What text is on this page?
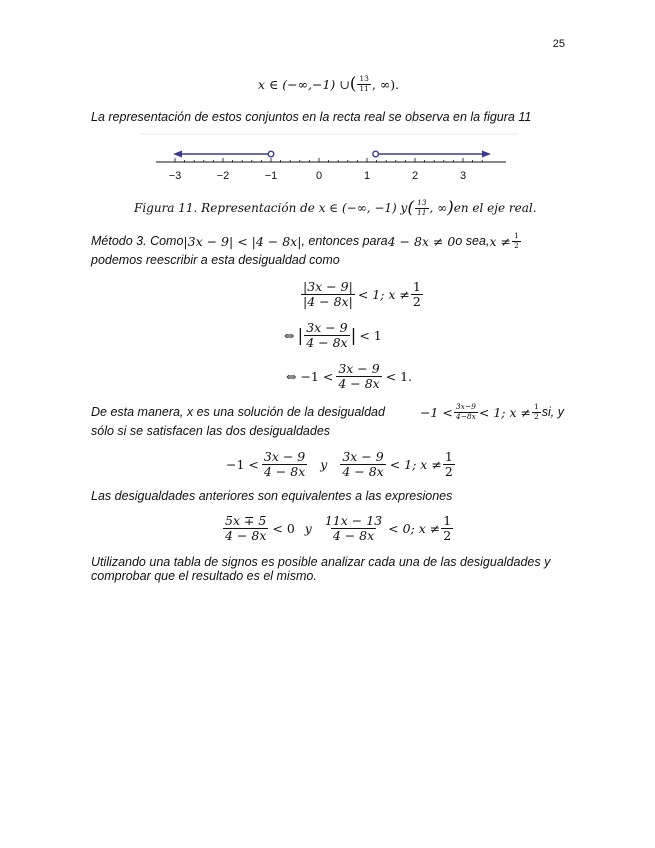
25
x ∈ (−∞,−1) ∪ ( $\frac{13}{11}$ , ∞).
La representación de estos conjuntos en la recta real se observa en la figura 11
−3	−2	−1	0	1	2	3
Figura 11. Representación de x ∈ (−∞, −1) y ( $\frac{13}{11}$ , ∞ ) en el eje real.
Método 3. Como |3x − 9| < |4 − 8x| , entonces para 4 − 8x ≠ 0 o sea, $x \ne \frac{1}{2}$
podemos reescribir a esta desigualdad como
$\frac{|3x - 9|}{|4 - 8x|} < 1$; $x \ne \frac{1}{2}$
⇔ | $\frac{3x - 9}{4 - 8x}$ | < 1
⇔ $-1 < \frac{3x - 9}{4 - 8x} < 1$.
De esta manera, x es una solución de la desigualdad	$-1 < \frac{3x-9}{4-8x} < 1$; $x \ne \frac{1}{2}$ si, y
sólo si se satisfacen las dos desigualdades
$-1 < \frac{3x - 9}{4 - 8x}$ y $\frac{3x - 9}{4 - 8x} < 1$; $x \ne \frac{1}{2}$
Las desigualdades anteriores son equivalentes a las expresiones
$\frac{5x \mp 5}{4 - 8x} < 0$ y $\frac{11x - 13}{4 - 8x} < 0$; $x \ne \frac{1}{2}$
Utilizando una tabla de signos es posible analizar cada una de las desigualdades y
comprobar que el resultado es el mismo.
